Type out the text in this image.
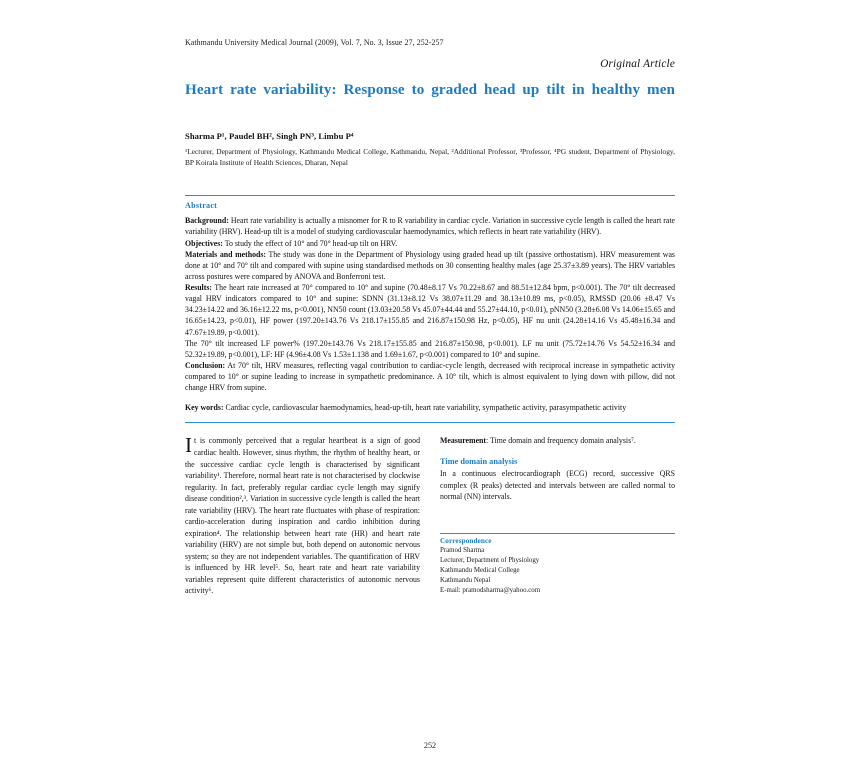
Kathmandu University Medical Journal (2009), Vol. 7, No. 3, Issue 27, 252-257
Original Article
Heart rate variability: Response to graded head up tilt in healthy men
Sharma P¹, Paudel BH², Singh PN³, Limbu P⁴
¹Lecturer, Department of Physiology, Kathmandu Medical College, Kathmandu, Nepal, ²Additional Professor, ³Professor, ⁴PG student, Department of Physiology, BP Koirala Institute of Health Sciences, Dharan, Nepal
Abstract

Background: Heart rate variability is actually a misnomer for R to R variability in cardiac cycle. Variation in successive cycle length is called the heart rate variability (HRV). Head-up tilt is a model of studying cardiovascular haemodynamics, which reflects in heart rate variability (HRV).

Objectives: To study the effect of 10° and 70° head-up tilt on HRV.

Materials and methods: The study was done in the Department of Physiology using graded head up tilt (passive orthostatism). HRV measurement was done at 10° and 70° tilt and compared with supine using standardised methods on 30 consenting healthy males (age 25.37±3.89 years). The HRV variables across postures were compared by ANOVA and Bonferroni test.

Results: The heart rate increased at 70° compared to 10° and supine (70.48±8.17 Vs 70.22±8.67 and 88.51±12.84 bpm, p<0.001). The 70° tilt decreased vagal HRV indicators compared to 10° and supine: SDNN (31.13±8.12 Vs 38.07±11.29 and 38.13±10.89 ms, p<0.05), RMSSD (20.06 ±8.47 Vs 34.23±14.22 and 36.16±12.22 ms, p<0.001), NN50 count (13.03±20.58 Vs 45.07±44.44 and 55.27±44.10, p<0.01), pNN50 (3.28±6.08 Vs 14.06±15.65 and 16.65±14.23, p<0.01), HF power (197.20±143.76 Vs 218.17±155.85 and 216.87±150.98 Hz, p<0.05), HF nu unit (24.28±14.16 Vs 45.48±16.34 and 47.67±19.89, p<0.001).

The 70° tilt increased LF power% (197.20±143.76 Vs 218.17±155.85 and 216.87±150.98, p<0.001). LF nu unit (75.72±14.76 Vs 54.52±16.34 and 52.32±19.89, p<0.001), LF: HF (4.96±4.08 Vs 1.53±1.138 and 1.69±1.67, p<0.001) compared to 10° and supine.

Conclusion: At 70° tilt, HRV measures, reflecting vagal contribution to cardiac-cycle length, decreased with reciprocal increase in sympathetic activity compared to 10° or supine leading to increase in sympathetic predominance. A 10° tilt, which is almost equivalent to lying down with pillow, did not change HRV from supine.

Key words: Cardiac cycle, cardiovascular haemodynamics, head-up-tilt, heart rate variability, sympathetic activity, parasympathetic activity

It is commonly perceived that a regular heartbeat is a sign of good cardiac health. However, sinus rhythm, the rhythm of healthy heart, or the successive cardiac cycle length is characterised by significant variability¹. Therefore, normal heart rate is not characterised by clockwise regularity. In fact, preferably regular cardiac cycle length may signify disease condition²,³. Variation in successive cycle length is called the heart rate variability (HRV). The heart rate fluctuates with phase of respiration: cardio-acceleration during inspiration and cardio inhibition during expiration⁴. The relationship between heart rate (HR) and heart rate variability (HRV) are not simple but, both depend on autonomic nervous system; so they are not independent variables. The quantification of HRV is influenced by HR level⁵. So, heart rate and heart rate variability variables represent quite different characteristics of autonomic nervous activity⁶.

Measurement: Time domain and frequency domain analysis⁷.

Time domain analysis

In a continuous electrocardiograph (ECG) record, successive QRS complex (R peaks) detected and intervals between are called normal to normal (NN) intervals.

Correspondence
Pramod Sharma
Lecturer, Department of Physiology
Kathmandu Medical College
Kathmandu Nepal
E-mail: pramodsharma@yahoo.com
252
